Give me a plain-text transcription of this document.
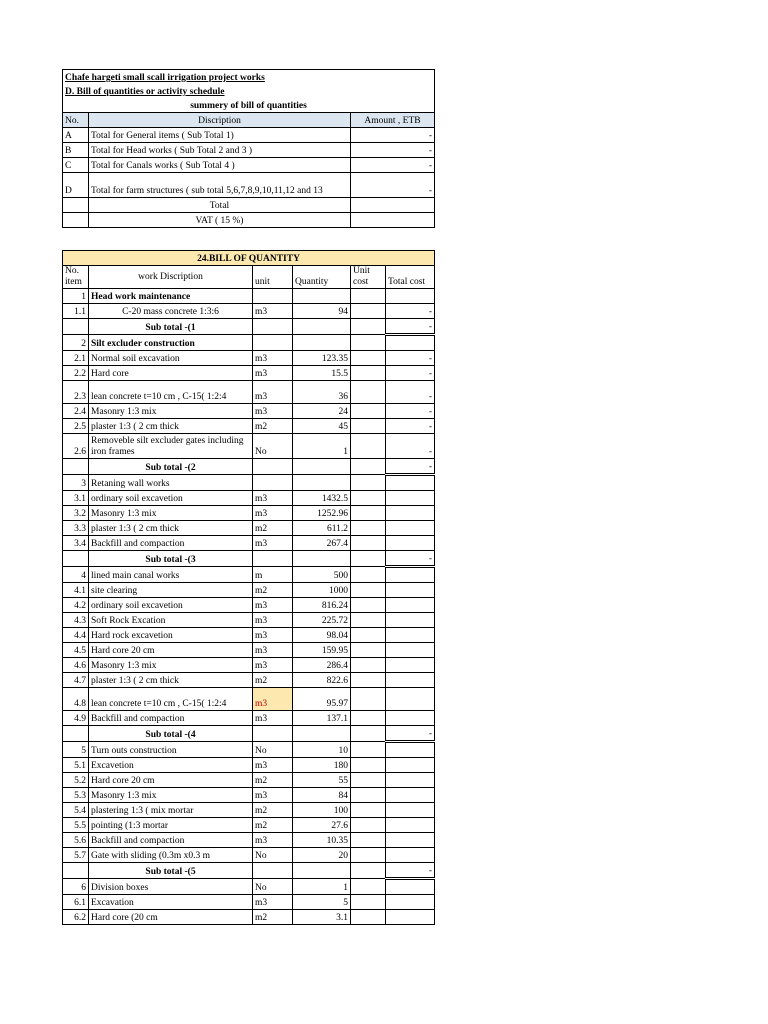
Chafe hargeti small scall irrigation project works		
D. Bill of quantities or activity schedule		
summery of bill of quantities		
No.	Discription	Amount , ETB
A	Total for General items ( Sub Total 1)	-
B	Total for Head works ( Sub Total 2 and 3 )	-
C	Total for Canals works ( Sub Total 4 )	-
D	Total for farm structures ( sub total 5,6,7,8,9,10,11,12 and 13	-
	Total	
	VAT ( 15 %)	
24.BILL OF QUANTITY					
No. item	work Discription	unit	Quantity	Unit cost	Total cost
1	Head work maintenance				
1.1	C-20 mass concrete 1:3:6	m3	94		-
	Sub total -(1				-
2	Silt excluder construction				
2.1	Normal soil excavation	m3	123.35		-
2.2	Hard core	m3	15.5		-
2.3	lean concrete t=10 cm , C-15( 1:2:4	m3	36		-
2.4	Masonry 1:3 mix	m3	24		-
2.5	plaster 1:3 ( 2 cm thick	m2	45		-
2.6	Removeble silt excluder gates including iron frames	No	1		-
	Sub total -(2				-
3	Retaning wall works				
3.1	ordinary soil excavetion	m3	1432.5		
3.2	Masonry 1:3 mix	m3	1252.96		
3.3	plaster 1:3 ( 2 cm thick	m2	611.2		
3.4	Backfill and compaction	m3	267.4		
	Sub total -(3				-
4	lined main canal works	m	500		
4.1	site clearing	m2	1000		
4.2	ordinary soil excavetion	m3	816.24		
4.3	Soft Rock Excation	m3	225.72		
4.4	Hard rock excavetion	m3	98.04		
4.5	Hard core 20 cm	m3	159.95		
4.6	Masonry 1:3 mix	m3	286.4		
4.7	plaster 1:3 ( 2 cm thick	m2	822.6		
4.8	lean concrete t=10 cm , C-15( 1:2:4	m3	95.97		
4.9	Backfill and compaction	m3	137.1		
	Sub total -(4				-
5	Turn outs construction	No	10		
5.1	Excavetion	m3	180		
5.2	Hard core 20 cm	m2	55		
5.3	Masonry 1:3 mix	m3	84		
5.4	plastering 1:3 ( mix mortar	m2	100		
5.5	pointing (1:3 mortar	m2	27.6		
5.6	Backfill and compaction	m3	10.35		
5.7	Gate with sliding (0.3m x0.3 m	No	20		
	Sub total -(5				-
6	Division boxes	No	1		
6.1	Excavation	m3	5		
6.2	Hard core (20 cm	m2	3.1		
